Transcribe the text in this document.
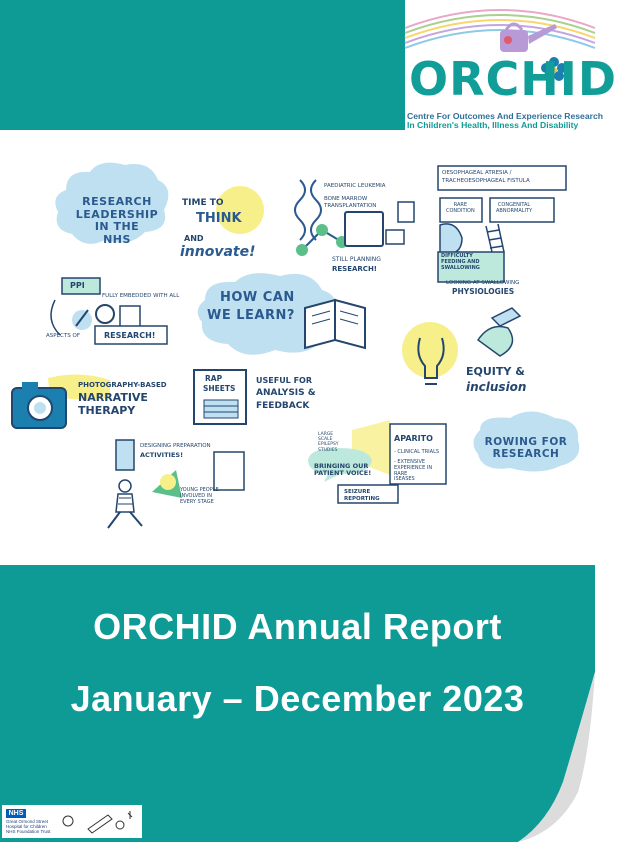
ORCHID
Centre For Outcomes And Experience Research
In Children's Health, Illness And Disability
RESEARCH
LEADERSHIP
IN THE
NHS
TIME TO
THINK
AND
innovate!
PAEDIATRIC LEUKEMIA
BONE MARROW
TRANSPLANTATION
STILL PLANNING
RESEARCH!
OESOPHAGEAL ATRESIA /
TRACHEOESOPHAGEAL FISTULA
RARE
CONDITION
CONGENITAL
ABNORMALITY
DIFFICULTY
FEEDING AND
SWALLOWING
LOOKING AT SWALLOWING
PHYSIOLOGIES
PPI
FULLY EMBEDDED WITH ALL
ASPECTS OF	RESEARCH!
HOW CAN
WE LEARN?
EQUITY &
inclusion
PHOTOGRAPHY-BASED
NARRATIVE
THERAPY
RAP
SHEETS
USEFUL FOR
ANALYSIS &
FEEDBACK
DESIGNING PREPARATION
ACTIVITIES!
YOUNG PEOPLE
INVOLVED IN
EVERY STAGE
LARGE
SCALE
EPILEPSY
STUDIES
APARITO
- CLINICAL TRIALS
- EXTENSIVE
EXPERIENCE IN
RARE
ISEASES
BRINGING OUR
PATIENT VOICE!
SEIZURE
REPORTING
ROWING FOR
RESEARCH
ORCHID Annual Report
January – December 2023
NHS
Great Ormond Street
Hospital for Children
NHS Foundation Trust
